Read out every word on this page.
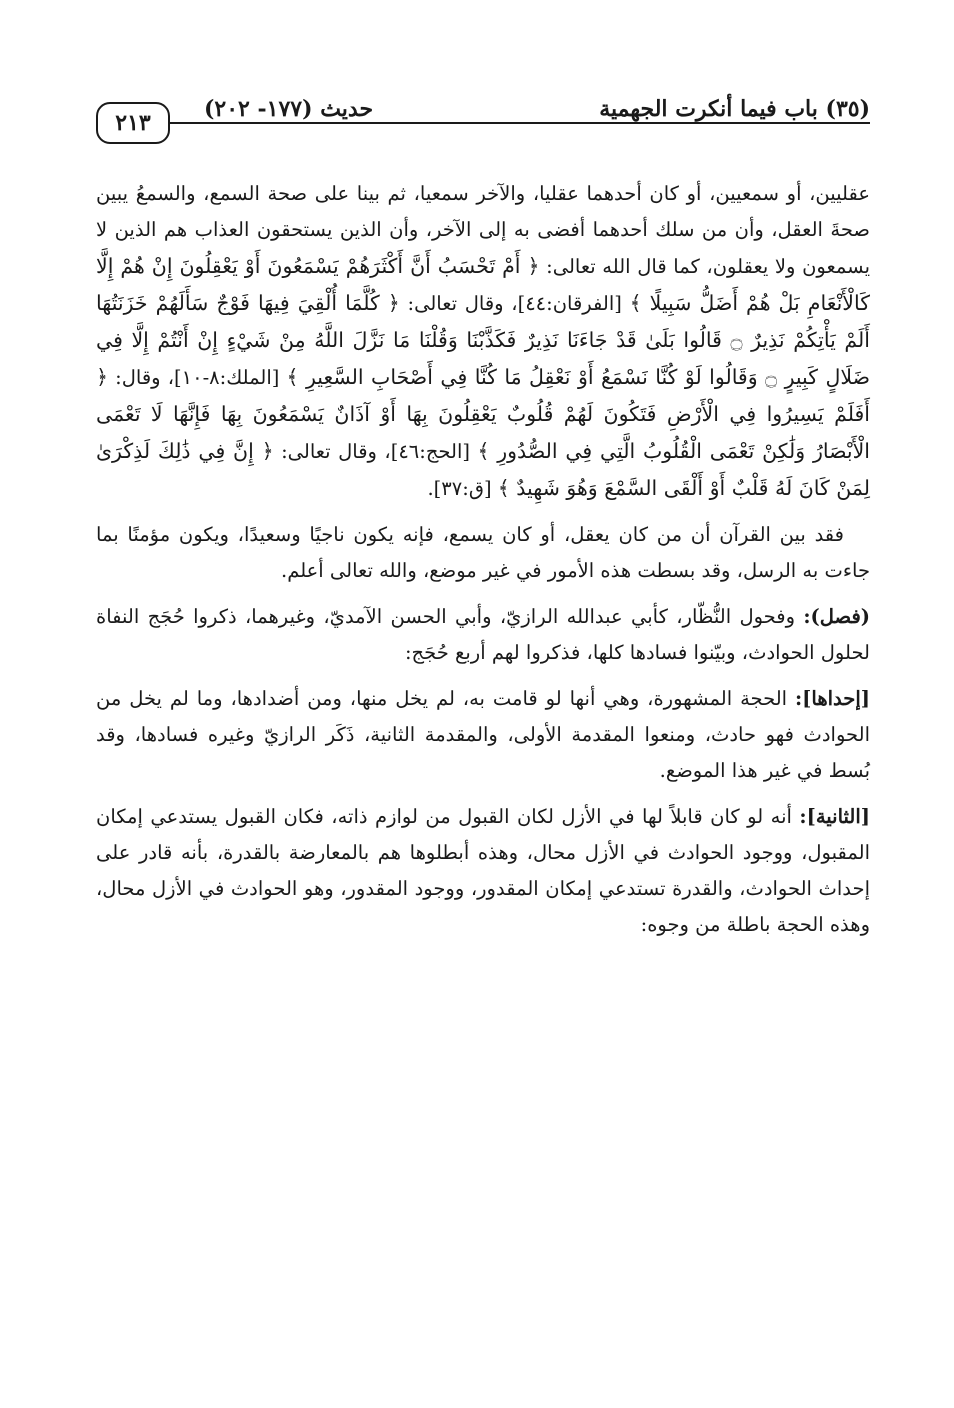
٢١٣
حديث (١٧٧- ٢٠٢)	(٣٥) باب فيما أنكرت الجهمية

عقليين، أو سمعيين، أو كان أحدهما عقليا، والآخر سمعيا، ثم بينا على صحة السمع، والسمعُ يبين صحةَ العقل، وأن من سلك أحدهما أفضى به إلى الآخر، وأن الذين يستحقون العذاب هم الذين لا يسمعون ولا يعقلون، كما قال الله تعالى: ﴿ أَمْ تَحْسَبُ أَنَّ أَكْثَرَهُمْ يَسْمَعُونَ أَوْ يَعْقِلُونَ إِنْ هُمْ إِلَّا كَالْأَنْعَامِ بَلْ هُمْ أَضَلُّ سَبِيلًا ﴾ [الفرقان:٤٤]، وقال تعالى: ﴿ كُلَّمَا أُلْقِيَ فِيهَا فَوْجٌ سَأَلَهُمْ خَزَنَتُهَا أَلَمْ يَأْتِكُمْ نَذِيرٌ ۝ قَالُوا بَلَىٰ قَدْ جَاءَنَا نَذِيرٌ فَكَذَّبْنَا وَقُلْنَا مَا نَزَّلَ اللَّهُ مِنْ شَيْءٍ إِنْ أَنْتُمْ إِلَّا فِي ضَلَالٍ كَبِيرٍ ۝ وَقَالُوا لَوْ كُنَّا نَسْمَعُ أَوْ نَعْقِلُ مَا كُنَّا فِي أَصْحَابِ السَّعِيرِ ﴾ [الملك:٨-١٠]، وقال: ﴿ أَفَلَمْ يَسِيرُوا فِي الْأَرْضِ فَتَكُونَ لَهُمْ قُلُوبٌ يَعْقِلُونَ بِهَا أَوْ آذَانٌ يَسْمَعُونَ بِهَا فَإِنَّهَا لَا تَعْمَى الْأَبْصَارُ وَلَٰكِنْ تَعْمَى الْقُلُوبُ الَّتِي فِي الصُّدُورِ ﴾ [الحج:٤٦]، وقال تعالى: ﴿ إِنَّ فِي ذَٰلِكَ لَذِكْرَىٰ لِمَنْ كَانَ لَهُ قَلْبٌ أَوْ أَلْقَى السَّمْعَ وَهُوَ شَهِيدٌ ﴾ [ق:٣٧].

فقد بين القرآن أن من كان يعقل، أو كان يسمع، فإنه يكون ناجيًا وسعيدًا، ويكون مؤمنًا بما جاءت به الرسل، وقد بسطت هذه الأمور في غير موضع، والله تعالى أعلم.

(فصل): وفحول النُّظّار، كأبي عبدالله الرازيّ، وأبي الحسن الآمديّ، وغيرهما، ذكروا حُجَج النفاة لحلول الحوادث، وبيّنوا فسادها كلها، فذكروا لهم أربع حُجَج:

[إحداها]: الحجة المشهورة، وهي أنها لو قامت به، لم يخل منها، ومن أضدادها، وما لم يخل من الحوادث فهو حادث، ومنعوا المقدمة الأولى، والمقدمة الثانية، ذَكَر الرازيّ وغيره فسادها، وقد بُسط في غير هذا الموضع.

[الثانية]: أنه لو كان قابلاً لها في الأزل لكان القبول من لوازم ذاته، فكان القبول يستدعي إمكان المقبول، ووجود الحوادث في الأزل محال، وهذه أبطلوها هم بالمعارضة بالقدرة، بأنه قادر على إحداث الحوادث، والقدرة تستدعي إمكان المقدور، ووجود المقدور، وهو الحوادث في الأزل محال، وهذه الحجة باطلة من وجوه:
